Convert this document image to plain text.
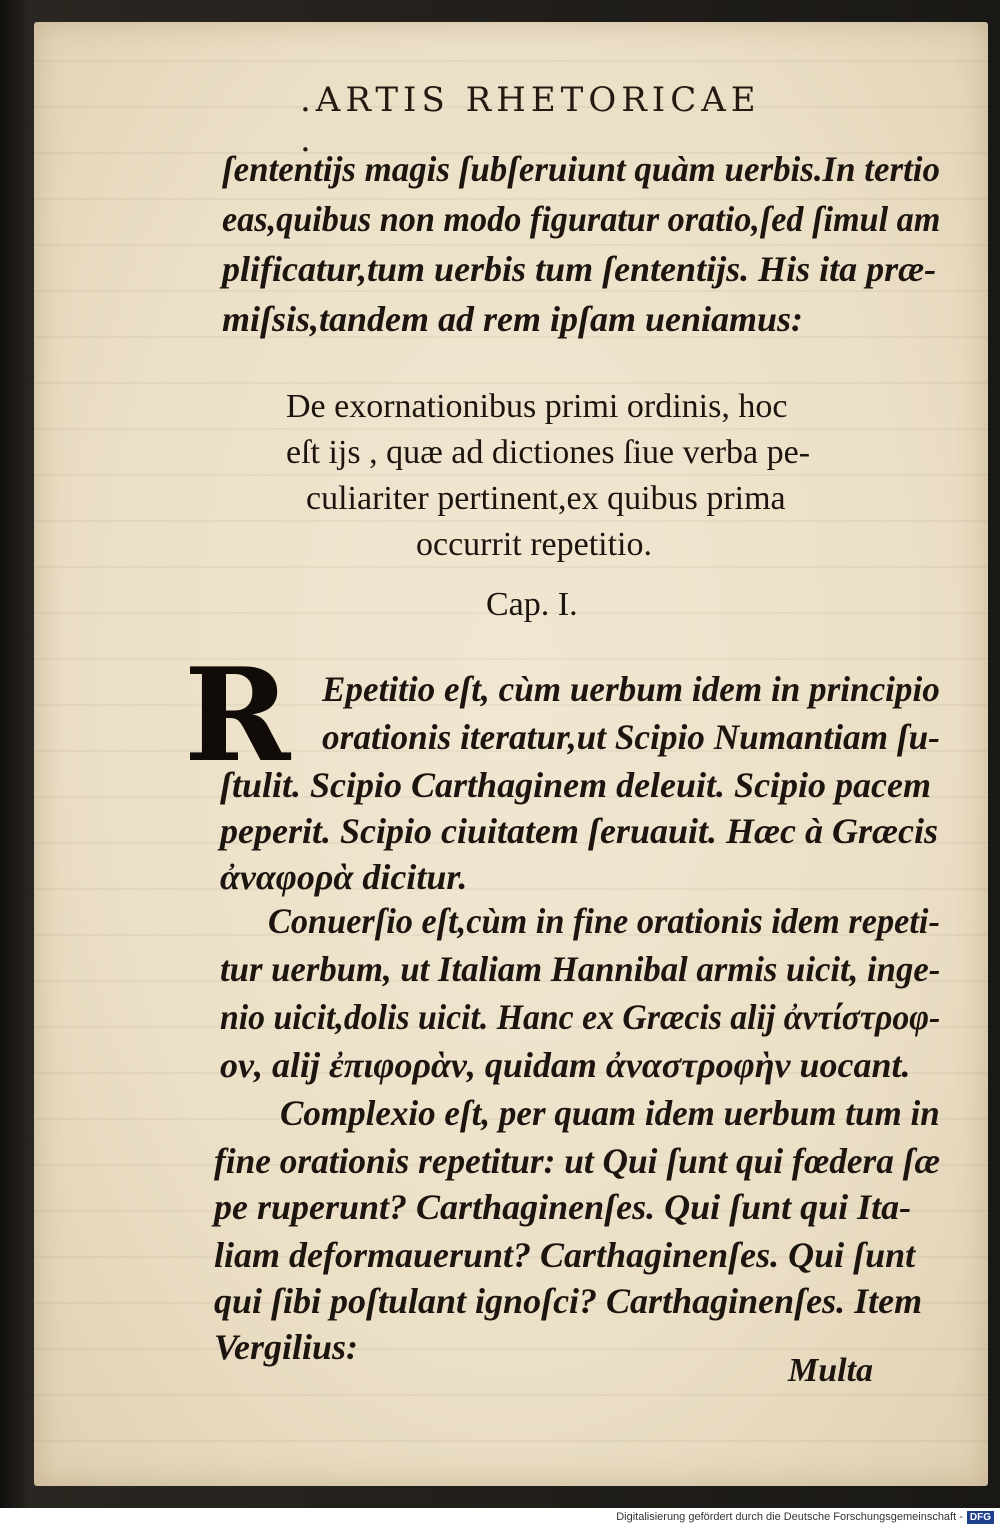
.ARTIS RHETORICAE .
ſententijs magis ſubſeruiunt quàm uerbis.In tertio
eas,quibus non modo figuratur oratio,ſed ſimul am
plificatur,tum uerbis tum ſententijs. His ita præ-
miſsis,tandem ad rem ipſam ueniamus:
De exornationibus primi ordinis, hoc
eſt ijs , quæ ad dictiones ſiue verba pe-
culiariter pertinent,ex quibus prima
occurrit repetitio.
Cap. I.
R Epetitio eſt, cùm uerbum idem in principio
orationis iteratur,ut Scipio Numantiam ſu-
ſtulit. Scipio Carthaginem deleuit. Scipio pacem
peperit. Scipio ciuitatem ſeruauit. Hæc à Græcis
ἀναφορὰ dicitur.
Conuerſio eſt,cùm in fine orationis idem repeti-
tur uerbum, ut Italiam Hannibal armis uicit, inge-
nio uicit,dolis uicit. Hanc ex Græcis alij ἀντίστροφ-
ον, alij ἐπιφορὰν, quidam ἀναστροφὴν uocant.
Complexio eſt, per quam idem uerbum tum in
fine orationis repetitur: ut Qui ſunt qui fœdera ſæ
pe ruperunt? Carthaginenſes. Qui ſunt qui Ita-
liam deformauerunt? Carthaginenſes. Qui ſunt
qui ſibi poſtulant ignoſci? Carthaginenſes. Item
Vergilius:
Multa
Digitalisierung gefördert durch die Deutsche Forschungsgemeinschaft - DFG
